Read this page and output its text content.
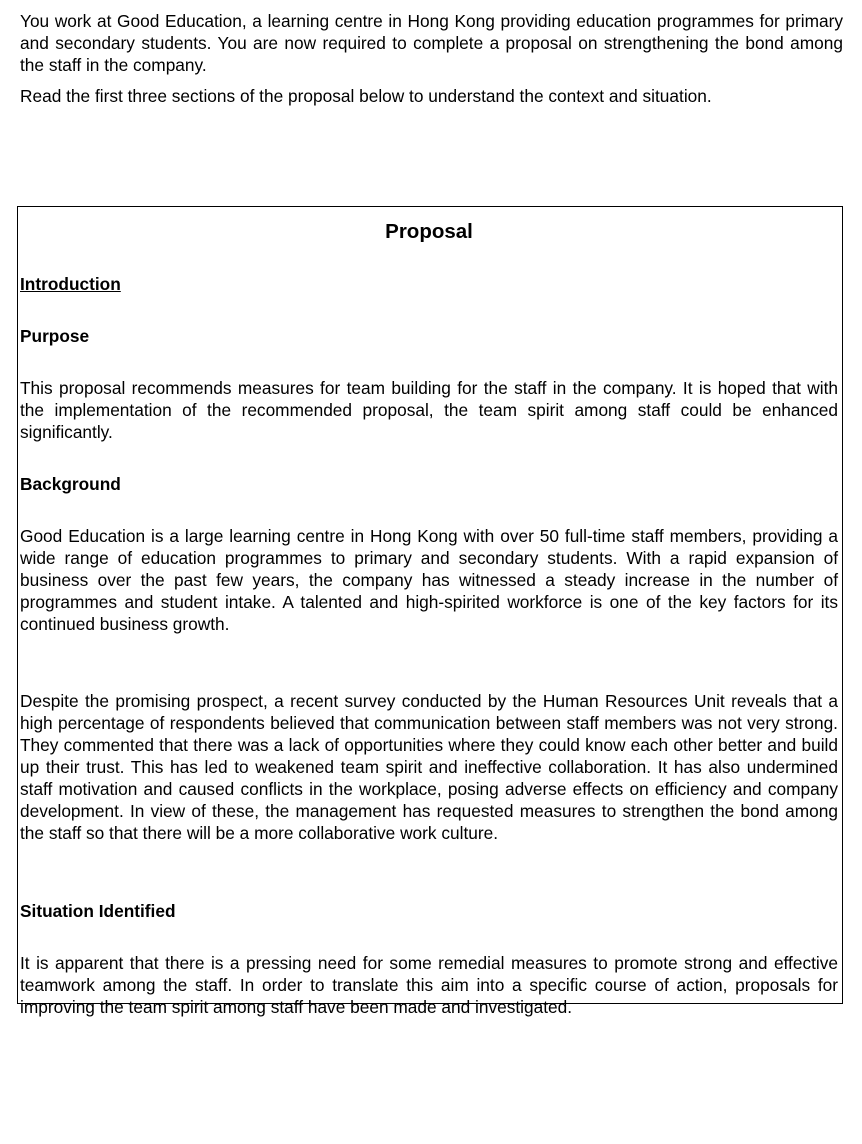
You work at Good Education, a learning centre in Hong Kong providing education programmes for primary and secondary students. You are now required to complete a proposal on strengthening the bond among the staff in the company.

Read the first three sections of the proposal below to understand the context and situation.

Proposal
Introduction
Purpose

This proposal recommends measures for team building for the staff in the company. It is hoped that with the implementation of the recommended proposal, the team spirit among staff could be enhanced significantly.

Background

Good Education is a large learning centre in Hong Kong with over 50 full-time staff members, providing a wide range of education programmes to primary and secondary students. With a rapid expansion of business over the past few years, the company has witnessed a steady increase in the number of programmes and student intake. A talented and high-spirited workforce is one of the key factors for its continued business growth.

Despite the promising prospect, a recent survey conducted by the Human Resources Unit reveals that a high percentage of respondents believed that communication between staff members was not very strong. They commented that there was a lack of opportunities where they could know each other better and build up their trust. This has led to weakened team spirit and ineffective collaboration. It has also undermined staff motivation and caused conflicts in the workplace, posing adverse effects on efficiency and company development. In view of these, the management has requested measures to strengthen the bond among the staff so that there will be a more collaborative work culture.

Situation Identified

It is apparent that there is a pressing need for some remedial measures to promote strong and effective teamwork among the staff. In order to translate this aim into a specific course of action, proposals for improving the team spirit among staff have been made and investigated.
